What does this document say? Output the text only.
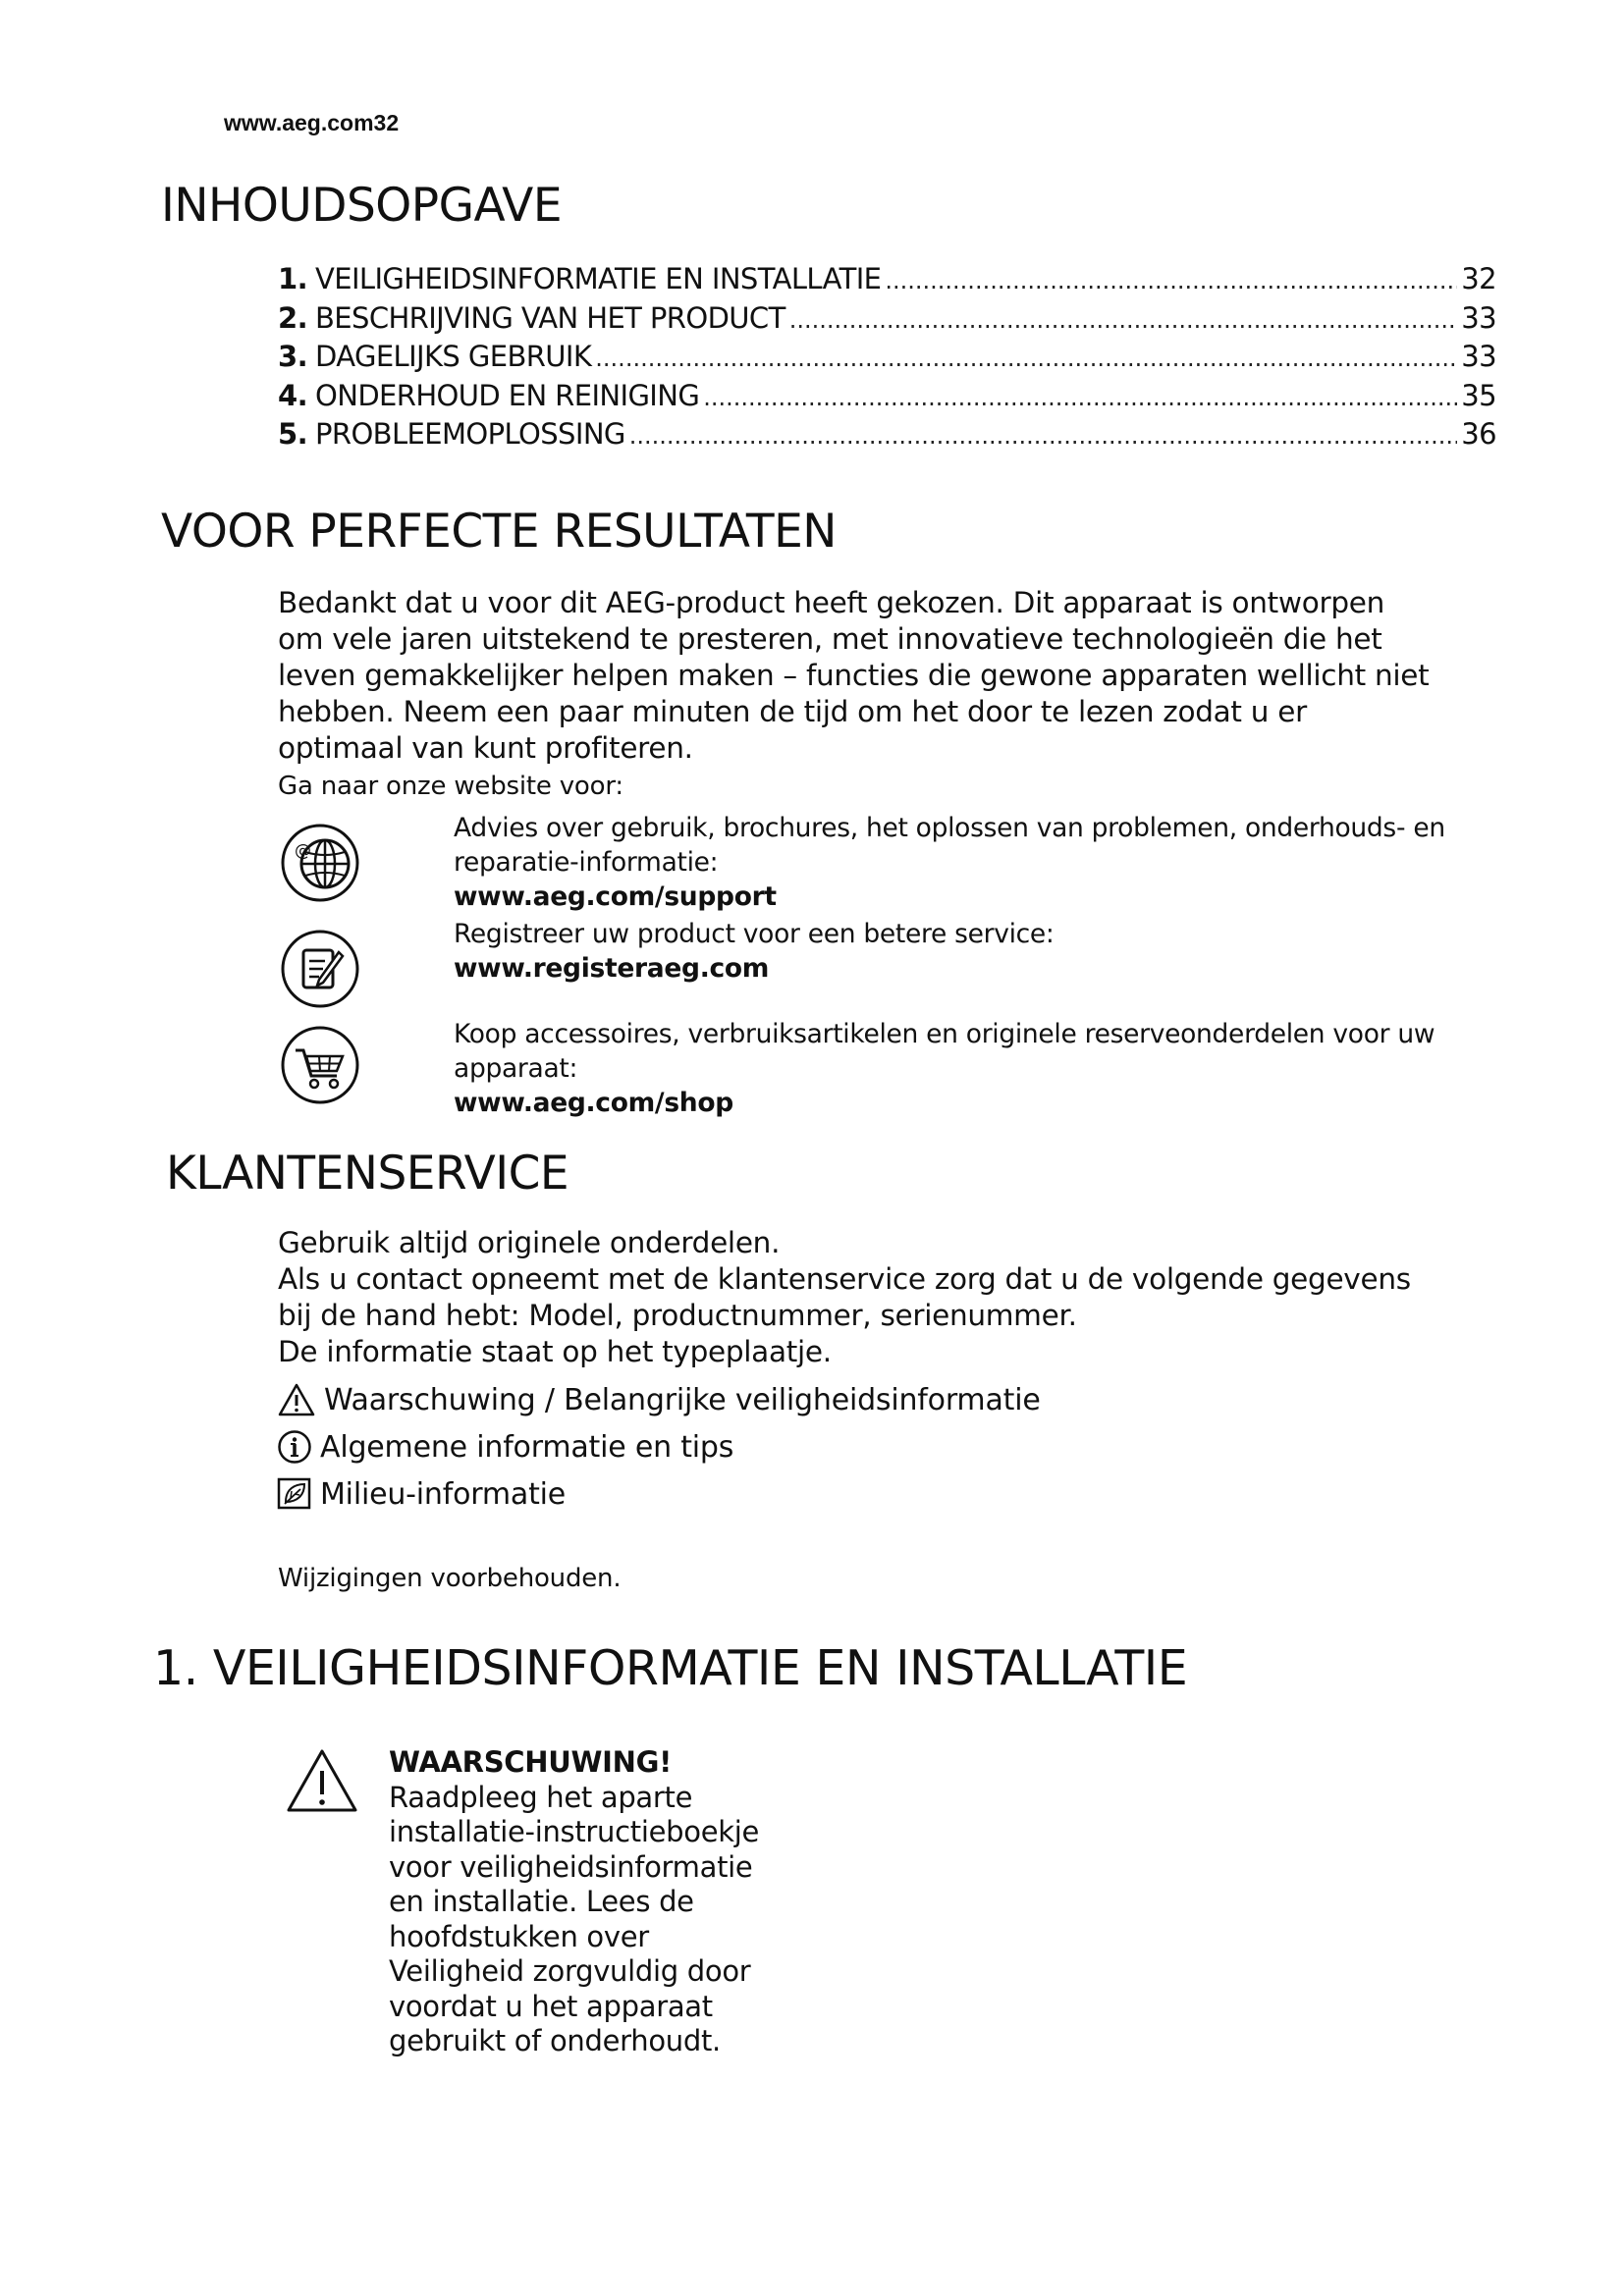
www.aeg.com32
INHOUDSOPGAVE
1. VEILIGHEIDSINFORMATIE EN INSTALLATIE .....	32
2. BESCHRIJVING VAN HET PRODUCT .....	33
3. DAGELIJKS GEBRUIK .....	33
4. ONDERHOUD EN REINIGING .....	35
5. PROBLEEMOPLOSSING .....	36
VOOR PERFECTE RESULTATEN
Bedankt dat u voor dit AEG-product heeft gekozen. Dit apparaat is ontworpen
om vele jaren uitstekend te presteren, met innovatieve technologieën die het
leven gemakkelijker helpen maken – functies die gewone apparaten wellicht niet
hebben. Neem een paar minuten de tijd om het door te lezen zodat u er
optimaal van kunt profiteren.
Ga naar onze website voor:
@
Advies over gebruik, brochures, het oplossen van problemen, onderhouds- en
reparatie-informatie:
www.aeg.com/support
Registreer uw product voor een betere service:
www.registeraeg.com
Koop accessoires, verbruiksartikelen en originele reserveonderdelen voor uw
apparaat:
www.aeg.com/shop
KLANTENSERVICE
Gebruik altijd originele onderdelen.
Als u contact opneemt met de klantenservice zorg dat u de volgende gegevens
bij de hand hebt: Model, productnummer, serienummer.
De informatie staat op het typeplaatje.
Waarschuwing / Belangrijke veiligheidsinformatie
Algemene informatie en tips
Milieu-informatie
Wijzigingen voorbehouden.
1. VEILIGHEIDSINFORMATIE EN INSTALLATIE
WAARSCHUWING!
Raadpleeg het aparte
installatie-instructieboekje
voor veiligheidsinformatie
en installatie. Lees de
hoofdstukken over
Veiligheid zorgvuldig door
voordat u het apparaat
gebruikt of onderhoudt.
